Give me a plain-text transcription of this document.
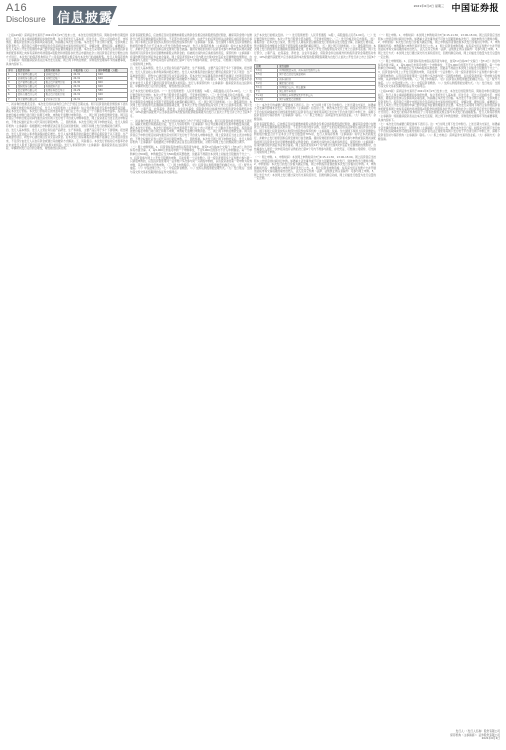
A16
Disclosure 信息披露
2021年6月2日 星期三 中国证券报
（上接A15版）深圳证券交易所于2021年5月27日发布公告，本次发行的股票代码、简称及申购日期安排如下。发行人和主承销商根据初步询价结果，综合考虑发行人基本面、所处行业、可比公司估值水平、市场情况、募集资金需求以及承销风险等因素，协商确定本次发行价格。本次发行不进行网下配售，全部向网上投资者发行。投资者应当遵守中国证监会及深圳证券交易所的相关规定，审慎决策，理性投资。重要提示：发行人本次公开发行股票的申请已经中国证券监督管理委员会注册。本次发行采用网下向符合条件的投资者询价配售和网上向持有深圳市场非限售A股股份和非限售存托凭证市值的社会公众投资者定价发行相结合的方式进行。本次发行的保荐机构相关子公司将按照相关规定参与本次发行的战略配售。发行人和保荐机构（主承销商）特别提请投资者关注本次发行流程、网上网下申购及缴款、弃购股份处理等环节的重要事项，具体内容如下。
序号	投资者名称	配售对象名称	申报价格（元）	拟申购数量（万股）
1	基金管理有限公司	证券投资基金	24.31	620
2	证券股份有限公司	自营投资账户	24.31	620
3	资产管理有限公司	集合资产管理计划	24.30	600
4	保险股份有限公司	传统保险产品	24.31	620
5	投资管理有限公司	私募证券投资基金	24.29	580
6	信托有限责任公司	集合资金信托计划	24.31	620
7	基金管理有限公司	企业年金计划	24.31	620
一、初步询价结果及定价。本次发行的初步询价工作已于规定日期完成。网下投资者的报价情况如下表所示。剔除无效报价和最高报价后，发行人与保荐机构（主承销商）综合考虑剩余报价及拟申购数量等因素，确定本次发行价格。本次发行价格对应的市盈率低于同行业上市公司最近一个月静态平均市盈率。投资者请按此价格在申购日进行网上和网下申购，申购时无需缴付申购资金。二、网上网下申购及缴款安排。网下投资者应于申购日规定时间内通过深交所网下发行电子平台录入申购单信息，网上投资者应当自主表达申购意向，不得全权委托证券公司代其进行新股申购。三、回拨机制。本次发行网上网下申购结束后，发行人和保荐机构（主承销商）将根据网上申购情况决定是否启动回拨机制，对网下和网上发行的规模进行调节。
四、发行人基本情况。发行人主营业务包括产品研发、生产和销售，主要产品应用于多个下游领域。报告期内，发行人营业收入和净利润保持稳定增长。发行人本次募集资金扣除发行费用后拟投资于以下项目：生产基地建设项目、研发中心建设项目及补充流动资金。若本次发行实际募集资金净额不能满足上述项目资金需求，不足部分由发行人以自有资金或通过其他融资方式解决。五、风险提示。本次发行价格对应市盈率仍存在未来发行人股价下跌给投资者带来损失的风险。发行人和保荐机构（主承销商）提请投资者关注投资风险，审慎研判发行定价的合理性，理性做出投资决策。
投资者获配股票后，应按规定及时足额缴纳新股认购资金及相应的新股配售经纪佣金，确保其资金账户在缴款日日终有足额的新股认购资金。不足部分视为放弃认购，由此产生的后果及相关法律责任由投资者自行承担。网下和网上投资者放弃认购部分的股份由保荐机构（主承销商）包销。当出现网下和网上投资者缴款认购的股份数量合计不足本次公开发行数量的70%时，发行人和保荐机构（主承销商）将中止本次新股发行，并就中止发行的原因和后续安排进行信息披露。提供有效报价的网下投资者未参与申购或者获得初步配售的网下投资者未及时足额缴纳新股认购资金的，将被视为违约并应承担违约责任，保荐机构（主承销商）将违约情况报中国证券业协会备案。网上投资者连续12个月内累计出现3次中签后未足额缴款的情形时，自结算参与人最近一次申报其放弃认购的次日起6个月内不得参与新股、存托凭证、可转换公司债券、可交换公司债券网上申购。
四、发行人基本情况。发行人主营业务包括产品研发、生产和销售，主要产品应用于多个下游领域。报告期内，发行人营业收入和净利润保持稳定增长。发行人本次募集资金扣除发行费用后拟投资于以下项目：生产基地建设项目、研发中心建设项目及补充流动资金。若本次发行实际募集资金净额不能满足上述项目资金需求，不足部分由发行人以自有资金或通过其他融资方式解决。五、风险提示。本次发行价格对应市盈率仍存在未来发行人股价下跌给投资者带来损失的风险。发行人和保荐机构（主承销商）提请投资者关注投资风险，审慎研判发行定价的合理性，理性做出投资决策。
关于本次发行的相关安排。（一）发行股票类型：人民币普通股（A股），每股面值人民币1.00元。（二）发行数量和发行结构：本次公开发行股票全部为新股，不安排老股转让。（三）发行价格及对应市盈率。（四）募集资金：若本次发行成功，预计发行人募集资金总额将按发行价格乘以发行数量计算，扣除发行费用后，预计募集资金净额将全部用于招股说明书披露的募投项目。（五）网上网下回拨机制。（六）限售期安排：本次网上发行的股票无流通限制及限售期安排，自本次公开发行的股票在深交所上市之日起即可流通。网下发行部分，公募产品、社保基金、养老金、企业年金基金、保险资金和合格境外机构投资者资金等配售对象中，10%的最终获配账户应当承诺获得本次配售的股票限售期限为自发行人首次公开发行并上市之日起6个月。
一、初步询价结果及定价。本次发行的初步询价工作已于规定日期完成。网下投资者的报价情况如下表所示。剔除无效报价和最高报价后，发行人与保荐机构（主承销商）综合考虑剩余报价及拟申购数量等因素，确定本次发行价格。本次发行价格对应的市盈率低于同行业上市公司最近一个月静态平均市盈率。投资者请按此价格在申购日进行网上和网下申购，申购时无需缴付申购资金。二、网上网下申购及缴款安排。网下投资者应于申购日规定时间内通过深交所网下发行电子平台录入申购单信息，网上投资者应当自主表达申购意向，不得全权委托证券公司代其进行新股申购。三、回拨机制。本次发行网上网下申购结束后，发行人和保荐机构（主承销商）将根据网上申购情况决定是否启动回拨机制，对网下和网上发行的规模进行调节。
（二）网上申购规则。1、投资者持有的市值以投资者为单位，按其T-2日前20个交易日（含T-2日）的日均持有市值计算。2、每5,000元市值可申购一个申购单位，不足5,000元的部分不计入申购额度。每一个申购单位为500股，申购数量应当为500股或其整数倍，但最高不得超过本次网上初始发行股数的千分之一。3、投资者参与网上公开发行股票的申购，只能使用一个证券账户。同一投资者使用多个证券账户参与同一只新股申购的，以及投资者使用同一证券账户多次参与同一只新股申购的，以该投资者的第一笔申购为有效申购，其余申购均为无效申购。（三）网上申购程序。（四）投资者认购股票数量的确定方法。（五）配号与抽签。（六）中签结果公告。（七）中签投资者缴款。（八）放弃认购股票的处理方式。（九）发行地点：全国与深交所交易系统联网的各证券交易网点。
关于本次发行的相关安排。（一）发行股票类型：人民币普通股（A股），每股面值人民币1.00元。（二）发行数量和发行结构：本次公开发行股票全部为新股，不安排老股转让。（三）发行价格及对应市盈率。（四）募集资金：若本次发行成功，预计发行人募集资金总额将按发行价格乘以发行数量计算，扣除发行费用后，预计募集资金净额将全部用于招股说明书披露的募投项目。（五）网上网下回拨机制。（六）限售期安排：本次网上发行的股票无流通限制及限售期安排，自本次公开发行的股票在深交所上市之日起即可流通。网下发行部分，公募产品、社保基金、养老金、企业年金基金、保险资金和合格境外机构投资者资金等配售对象中，10%的最终获配账户应当承诺获得本次配售的股票限售期限为自发行人首次公开发行并上市之日起6个月。
日期	发行安排
T-6日	刊登招股意向书、初步询价及推介公告
T-5日	网下投资者提交核查材料
T-3日	初步询价日
T-2日	确定发行价格
T-1日	刊登发行公告、网上路演
T日	网上网下申购日
T+1日	刊登网上申购情况及中签率公告
T+2日	网下获配投资者缴款
（七）本次发行的重要日期安排如下表所示。注：T日为网上网下发行申购日。上述日期为交易日，如遇重大突发事件影响本次发行，保荐机构（主承销商）将及时公告，修改本次发行日程。如因深交所网下发行电子平台系统故障或非可控因素导致网下投资者无法正常使用其网下发行电子平台进行网下申购工作，请网下投资者及时与保荐机构（主承销商）联系。（八）拟上市地点：深圳证券交易所创业板。（九）承销方式：余额包销。
投资者获配股票后，应按规定及时足额缴纳新股认购资金及相应的新股配售经纪佣金，确保其资金账户在缴款日日终有足额的新股认购资金。不足部分视为放弃认购，由此产生的后果及相关法律责任由投资者自行承担。网下和网上投资者放弃认购部分的股份由保荐机构（主承销商）包销。当出现网下和网上投资者缴款认购的股份数量合计不足本次公开发行数量的70%时，发行人和保荐机构（主承销商）将中止本次新股发行，并就中止发行的原因和后续安排进行信息披露。提供有效报价的网下投资者未参与申购或者获得初步配售的网下投资者未及时足额缴纳新股认购资金的，将被视为违约并应承担违约责任，保荐机构（主承销商）将违约情况报中国证券业协会备案。网上投资者连续12个月内累计出现3次中签后未足额缴款的情形时，自结算参与人最近一次申报其放弃认购的次日起6个月内不得参与新股、存托凭证、可转换公司债券、可交换公司债券网上申购。
（一）网上申购。1、申购时间：本次网上申购时间为T日9:15-11:30、13:00-15:00。网上投资者应当按照本公告规定的时间进行申购。如遇重大突发事件或不可抗力因素影响本次发行，则按申购当日通知办理。2、申购价格：本次发行的发行价格为确定价格，网上申购投资者须按照本次发行价格进行申购。3、申购简称和代码：申购简称与申购代码详见发行公告。4、网上投资者申购资格：持有深交所证券账户卡并开通创业板市场交易权限的境内自然人、法人及其它机构（法律、法规禁止购买者除外）可参与网上申购。5、网上发行方式：本次网上发行通过深交所交易系统进行，回拨机制启动前，网上初始发行数量为发行总量的一定比例。
（一）网上申购。1、申购时间：本次网上申购时间为T日9:15-11:30、13:00-15:00。网上投资者应当按照本公告规定的时间进行申购。如遇重大突发事件或不可抗力因素影响本次发行，则按申购当日通知办理。2、申购价格：本次发行的发行价格为确定价格，网上申购投资者须按照本次发行价格进行申购。3、申购简称和代码：申购简称与申购代码详见发行公告。4、网上投资者申购资格：持有深交所证券账户卡并开通创业板市场交易权限的境内自然人、法人及其它机构（法律、法规禁止购买者除外）可参与网上申购。5、网上发行方式：本次网上发行通过深交所交易系统进行，回拨机制启动前，网上初始发行数量为发行总量的一定比例。
（二）网上申购规则。1、投资者持有的市值以投资者为单位，按其T-2日前20个交易日（含T-2日）的日均持有市值计算。2、每5,000元市值可申购一个申购单位，不足5,000元的部分不计入申购额度。每一个申购单位为500股，申购数量应当为500股或其整数倍，但最高不得超过本次网上初始发行股数的千分之一。3、投资者参与网上公开发行股票的申购，只能使用一个证券账户。同一投资者使用多个证券账户参与同一只新股申购的，以及投资者使用同一证券账户多次参与同一只新股申购的，以该投资者的第一笔申购为有效申购，其余申购均为无效申购。（三）网上申购程序。（四）投资者认购股票数量的确定方法。（五）配号与抽签。（六）中签结果公告。（七）中签投资者缴款。（八）放弃认购股票的处理方式。（九）发行地点：全国与深交所交易系统联网的各证券交易网点。
（上接A15版）深圳证券交易所于2021年5月27日发布公告，本次发行的股票代码、简称及申购日期安排如下。发行人和主承销商根据初步询价结果，综合考虑发行人基本面、所处行业、可比公司估值水平、市场情况、募集资金需求以及承销风险等因素，协商确定本次发行价格。本次发行不进行网下配售，全部向网上投资者发行。投资者应当遵守中国证监会及深圳证券交易所的相关规定，审慎决策，理性投资。重要提示：发行人本次公开发行股票的申请已经中国证券监督管理委员会注册。本次发行采用网下向符合条件的投资者询价配售和网上向持有深圳市场非限售A股股份和非限售存托凭证市值的社会公众投资者定价发行相结合的方式进行。本次发行的保荐机构相关子公司将按照相关规定参与本次发行的战略配售。发行人和保荐机构（主承销商）特别提请投资者关注本次发行流程、网上网下申购及缴款、弃购股份处理等环节的重要事项，具体内容如下。
（七）本次发行的重要日期安排如下表所示。注：T日为网上网下发行申购日。上述日期为交易日，如遇重大突发事件影响本次发行，保荐机构（主承销商）将及时公告，修改本次发行日程。如因深交所网下发行电子平台系统故障或非可控因素导致网下投资者无法正常使用其网下发行电子平台进行网下申购工作，请网下投资者及时与保荐机构（主承销商）联系。（八）拟上市地点：深圳证券交易所创业板。（九）承销方式：余额包销。
发行人：（发行人名称）股份有限公司
保荐机构（主承销商）：证券股份有限公司
2021年6月2日
